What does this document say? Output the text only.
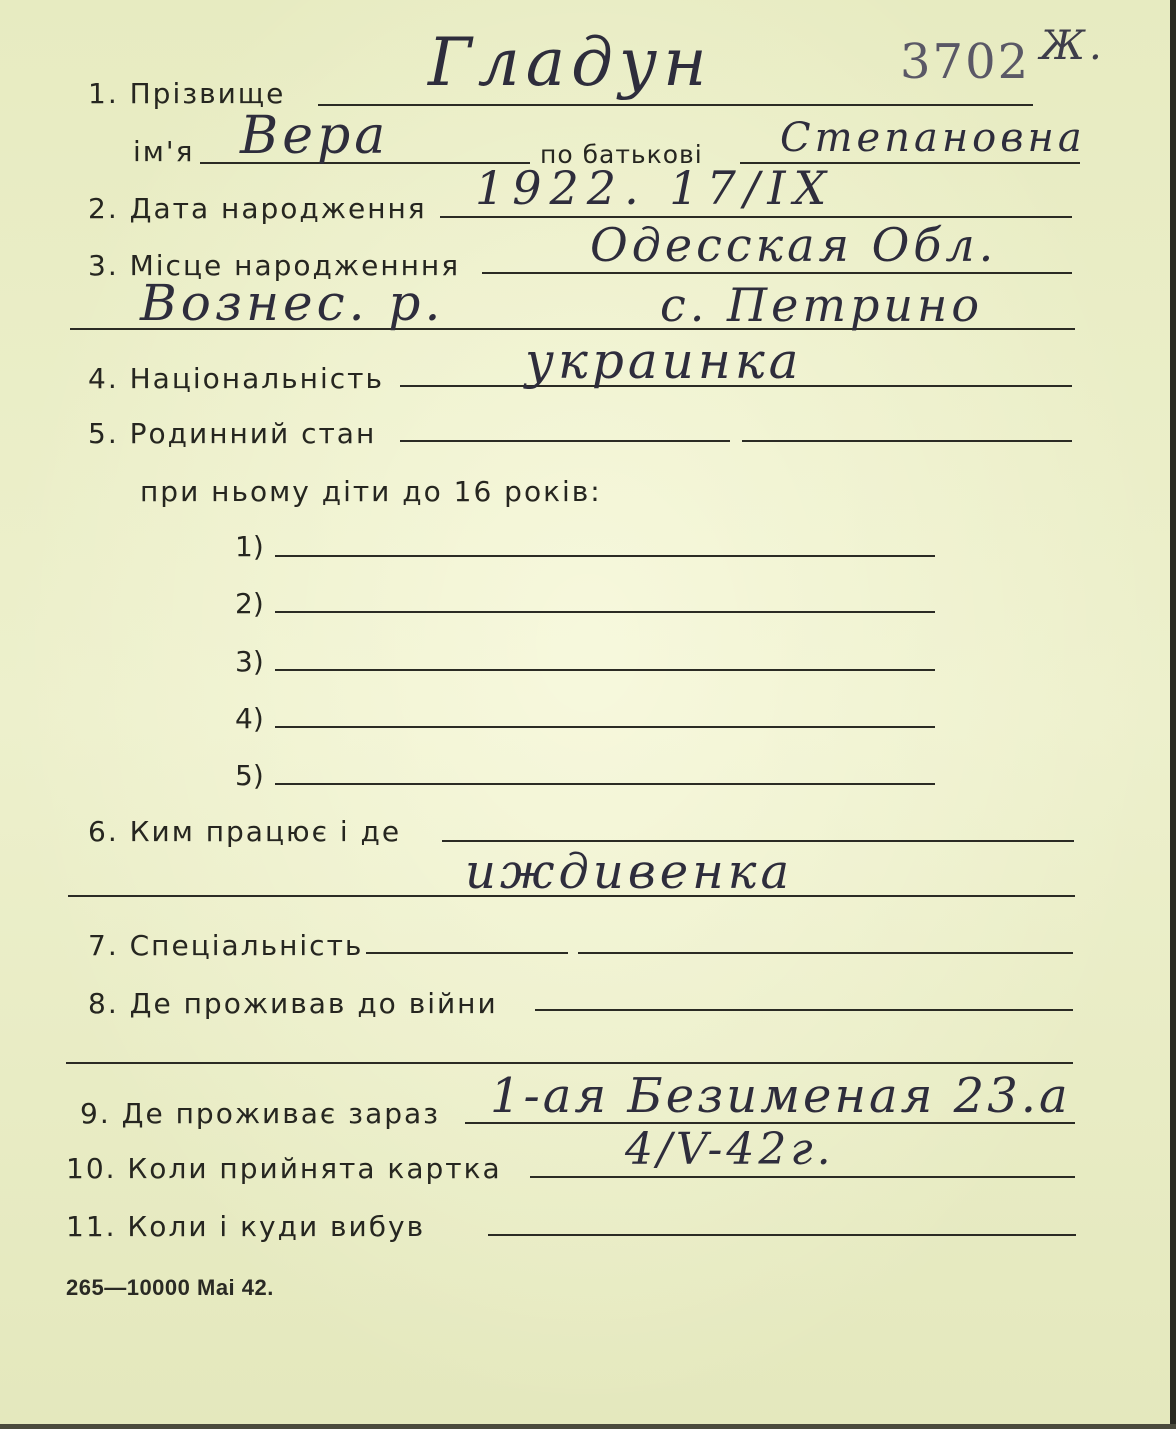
1. Прізвище Гладун	3702 Ж.
ім'я Вера	по батькові Степановна
2. Дата народження 1922. 17/IX
3. Місце народженння	Одесская Обл.
Вознес. р.	с. Петрино
4. Національність	украинка
5. Родинний стан
при ньому діти до 16 років:
1)
2)
3)
4)
5)
6. Ким працює і де
иждивенка
7. Спеціальність
8. Де проживав до війни
9. Де проживає зараз 1-ая Безименая 23.а
10. Коли прийнята картка	4/V-42г.
11. Коли і куди вибув
265—10000 Mai 42.
